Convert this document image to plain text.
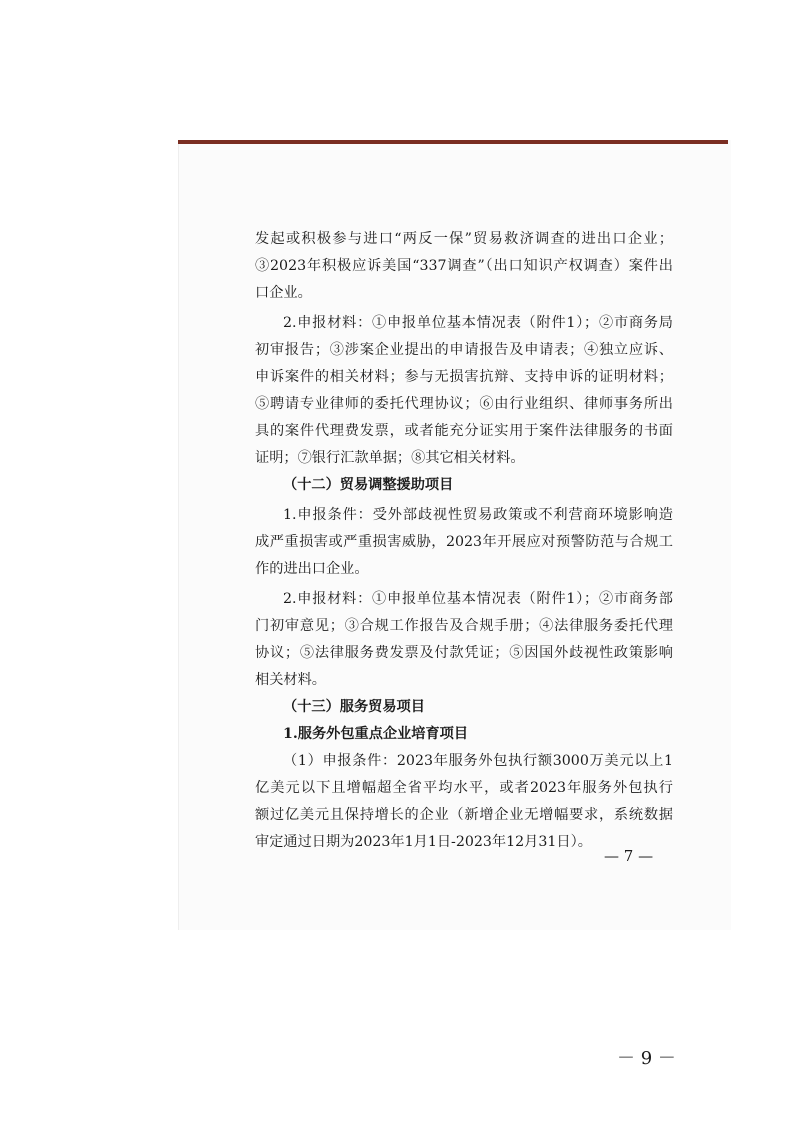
发起或积极参与进口“两反一保”贸易救济调查的进出口企业；
③2023年积极应诉美国“337调查”（出口知识产权调查）案件出
口企业。
2.申报材料：①申报单位基本情况表（附件1）；②市商务局
初审报告；③涉案企业提出的申请报告及申请表；④独立应诉、
申诉案件的相关材料；参与无损害抗辩、支持申诉的证明材料；
⑤聘请专业律师的委托代理协议；⑥由行业组织、律师事务所出
具的案件代理费发票，或者能充分证实用于案件法律服务的书面
证明；⑦银行汇款单据；⑧其它相关材料。
（十二）贸易调整援助项目
1.申报条件：受外部歧视性贸易政策或不利营商环境影响造
成严重损害或严重损害威胁，2023年开展应对预警防范与合规工
作的进出口企业。
2.申报材料：①申报单位基本情况表（附件1）；②市商务部
门初审意见；③合规工作报告及合规手册；④法律服务委托代理
协议；⑤法律服务费发票及付款凭证；⑤因国外歧视性政策影响
相关材料。
（十三）服务贸易项目
1.服务外包重点企业培育项目
（1）申报条件：2023年服务外包执行额3000万美元以上1
亿美元以下且增幅超全省平均水平，或者2023年服务外包执行
额过亿美元且保持增长的企业（新增企业无增幅要求，系统数据
审定通过日期为2023年1月1日-2023年12月31日）。
— 7 —
－ 9 －
